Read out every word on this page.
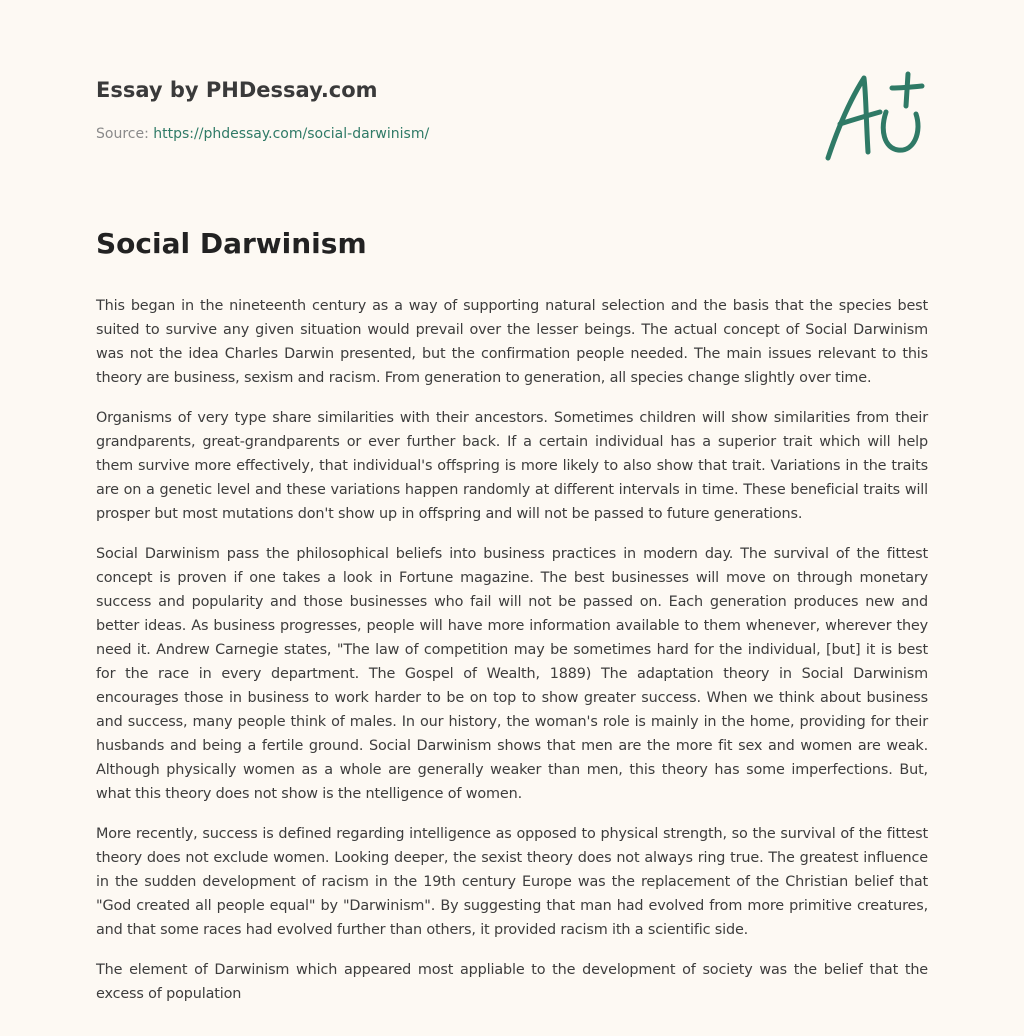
Essay by PHDessay.com
Source: https://phdessay.com/social-darwinism/
Social Darwinism

This began in the nineteenth century as a way of supporting natural selection and the basis that the species best suited to survive any given situation would prevail over the lesser beings. The actual concept of Social Darwinism was not the idea Charles Darwin presented, but the confirmation people needed. The main issues relevant to this theory are business, sexism and racism. From generation to generation, all species change slightly over time.

Organisms of very type share similarities with their ancestors. Sometimes children will show similarities from their grandparents, great-grandparents or ever further back. If a certain individual has a superior trait which will help them survive more effectively, that individual's offspring is more likely to also show that trait. Variations in the traits are on a genetic level and these variations happen randomly at different intervals in time. These beneficial traits will prosper but most mutations don't show up in offspring and will not be passed to future generations.

Social Darwinism pass the philosophical beliefs into business practices in modern day. The survival of the fittest concept is proven if one takes a look in Fortune magazine. The best businesses will move on through monetary success and popularity and those businesses who fail will not be passed on. Each generation produces new and better ideas. As business progresses, people will have more information available to them whenever, wherever they need it. Andrew Carnegie states, "The law of competition may be sometimes hard for the individual, [but] it is best for the race in every department. The Gospel of Wealth, 1889) The adaptation theory in Social Darwinism encourages those in business to work harder to be on top to show greater success. When we think about business and success, many people think of males. In our history, the woman's role is mainly in the home, providing for their husbands and being a fertile ground. Social Darwinism shows that men are the more fit sex and women are weak. Although physically women as a whole are generally weaker than men, this theory has some imperfections. But, what this theory does not show is the ntelligence of women.

More recently, success is defined regarding intelligence as opposed to physical strength, so the survival of the fittest theory does not exclude women. Looking deeper, the sexist theory does not always ring true. The greatest influence in the sudden development of racism in the 19th century Europe was the replacement of the Christian belief that "God created all people equal" by "Darwinism". By suggesting that man had evolved from more primitive creatures, and that some races had evolved further than others, it provided racism ith a scientific side.

The element of Darwinism which appeared most appliable to the development of society was the belief that the excess of population
